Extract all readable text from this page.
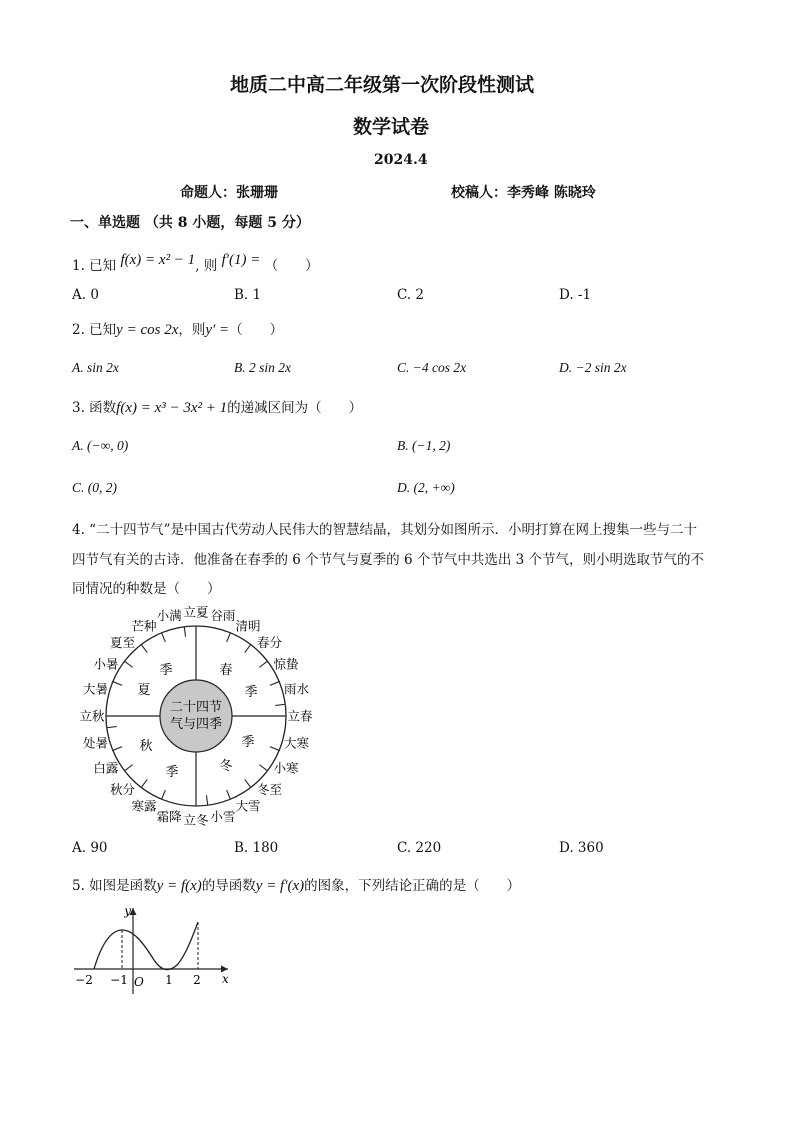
地质二中高二年级第一次阶段性测试
数学试卷
2024.4
命题人：张珊珊	校稿人：李秀峰 陈晓玲
一、单选题 （共 8 小题，每题 5 分）
1. 已知 f(x) = x² − 1, 则 f′(1) = （　　）
A. 0	B. 1	C. 2	D. -1
2. 已知y = cos 2x，则y′ =（　　）
A. sin 2x	B. 2 sin 2x	C. −4 cos 2x	D. −2 sin 2x
3. 函数f(x) = x³ − 3x² + 1的递减区间为（　　）
A. (−∞, 0)	B. (−1, 2)
C. (0, 2)	D. (2, +∞)
4. “二十四节气”是中国古代劳动人民伟大的智慧结晶，其划分如图所示．小明打算在网上搜集一些与二十
四节气有关的古诗．他准备在春季的 6 个节气与夏季的 6 个节气中共选出 3 个节气，则小明选取节气的不
同情况的种数是（　　）
立春
雨水
惊蛰
春分
清明
谷雨
立夏
小满
芒种
夏至
小暑
大暑
立秋
处暑
白露
秋分
寒露
霜降 立冬 小雪
大雪
冬至
小寒
大寒
二十四节
气与四季
春
季
夏
季
秋
季	冬
季
A. 90	B. 180	C. 220	D. 360
5. 如图是函数y = f(x)的导函数y = f′(x)的图象，下列结论正确的是（　　）
y
x
O
−2 −1	1 2
